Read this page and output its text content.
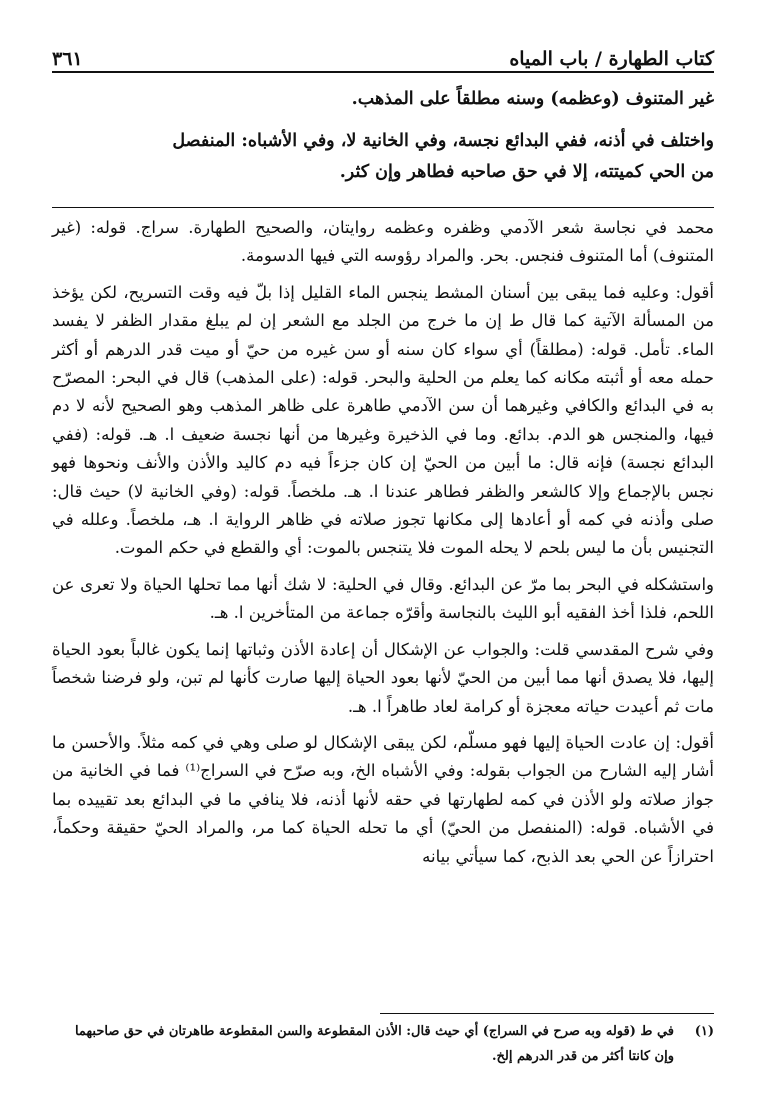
كتاب الطهارة / باب المياه
٣٦١

غير المتنوف (وعظمه) وسنه مطلقاً على المذهب.

واختلف في أذنه، ففي البدائع نجسة، وفي الخانية لا، وفي الأشباه: المنفصل

من الحي كميتته، إلا في حق صاحبه فطاهر وإن كثر.

محمد في نجاسة شعر الآدمي وظفره وعظمه روايتان، والصحيح الطهارة. سراج. قوله: (غير المتنوف) أما المتنوف فنجس. بحر. والمراد رؤوسه التي فيها الدسومة.

أقول: وعليه فما يبقى بين أسنان المشط ينجس الماء القليل إذا بلّ فيه وقت التسريح، لكن يؤخذ من المسألة الآتية كما قال ط إن ما خرج من الجلد مع الشعر إن لم يبلغ مقدار الظفر لا يفسد الماء. تأمل. قوله: (مطلقاً) أي سواء كان سنه أو سن غيره من حيّ أو ميت قدر الدرهم أو أكثر حمله معه أو أثبته مكانه كما يعلم من الحلية والبحر. قوله: (على المذهب) قال في البحر: المصرّح به في البدائع والكافي وغيرهما أن سن الآدمي طاهرة على ظاهر المذهب وهو الصحيح لأنه لا دم فيها، والمنجس هو الدم. بدائع. وما في الذخيرة وغيرها من أنها نجسة ضعيف ا. هـ. قوله: (ففي البدائع نجسة) فإنه قال: ما أبين من الحيّ إن كان جزءاً فيه دم كاليد والأذن والأنف ونحوها فهو نجس بالإجماع وإلا كالشعر والظفر فطاهر عندنا ا. هـ. ملخصاً. قوله: (وفي الخانية لا) حيث قال: صلى وأذنه في كمه أو أعادها إلى مكانها تجوز صلاته في ظاهر الرواية ا. هـ، ملخصاً. وعلله في التجنيس بأن ما ليس بلحم لا يحله الموت فلا يتنجس بالموت: أي والقطع في حكم الموت.

واستشكله في البحر بما مرّ عن البدائع. وقال في الحلية: لا شك أنها مما تحلها الحياة ولا تعرى عن اللحم، فلذا أخذ الفقيه أبو الليث بالنجاسة وأقرّه جماعة من المتأخرين ا. هـ.

وفي شرح المقدسي قلت: والجواب عن الإشكال أن إعادة الأذن وثباتها إنما يكون غالباً بعود الحياة إليها، فلا يصدق أنها مما أبين من الحيّ لأنها بعود الحياة إليها صارت كأنها لم تبن، ولو فرضنا شخصاً مات ثم أعيدت حياته معجزة أو كرامة لعاد طاهراً ا. هـ.

أقول: إن عادت الحياة إليها فهو مسلّم، لكن يبقى الإشكال لو صلى وهي في كمه مثلاً. والأحسن ما أشار إليه الشارح من الجواب بقوله: وفي الأشباه الخ، وبه صرّح في السراج⁽¹⁾ فما في الخانية من جواز صلاته ولو الأذن في كمه لطهارتها في حقه لأنها أذنه، فلا ينافي ما في البدائع بعد تقييده بما في الأشباه. قوله: (المنفصل من الحيّ) أي ما تحله الحياة كما مر، والمراد الحيّ حقيقة وحكماً، احترازاً عن الحي بعد الذبح، كما سيأتي بيانه

(١)في ط (قوله وبه صرح في السراج) أي حيث قال: الأذن المقطوعة والسن المقطوعة طاهرتان في حق صاحبهما
وإن كانتا أكثر من قدر الدرهم إلخ.
